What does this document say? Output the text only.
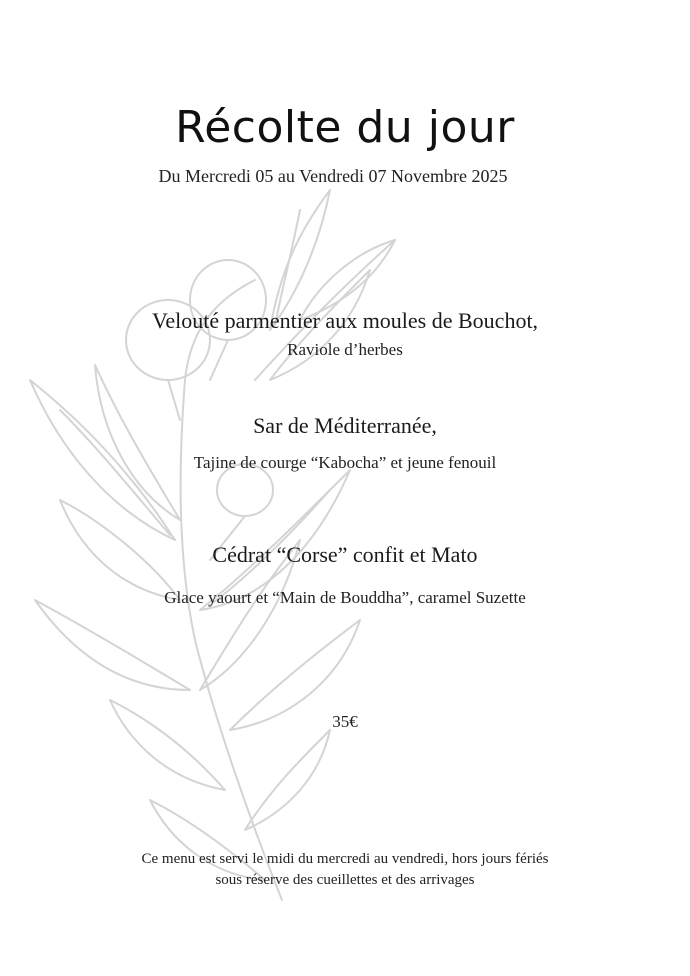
Récolte du jour
Du Mercredi 05 au Vendredi 07 Novembre 2025
Velouté parmentier aux moules de Bouchot,
Raviole d’herbes
Sar de Méditerranée,
Tajine de courge “Kabocha” et jeune fenouil
Cédrat “Corse” confit et Mato
Glace yaourt et “Main de Bouddha”, caramel Suzette
35€
Ce menu est servi le midi du mercredi au vendredi, hors jours fériés
sous réserve des cueillettes et des arrivages
